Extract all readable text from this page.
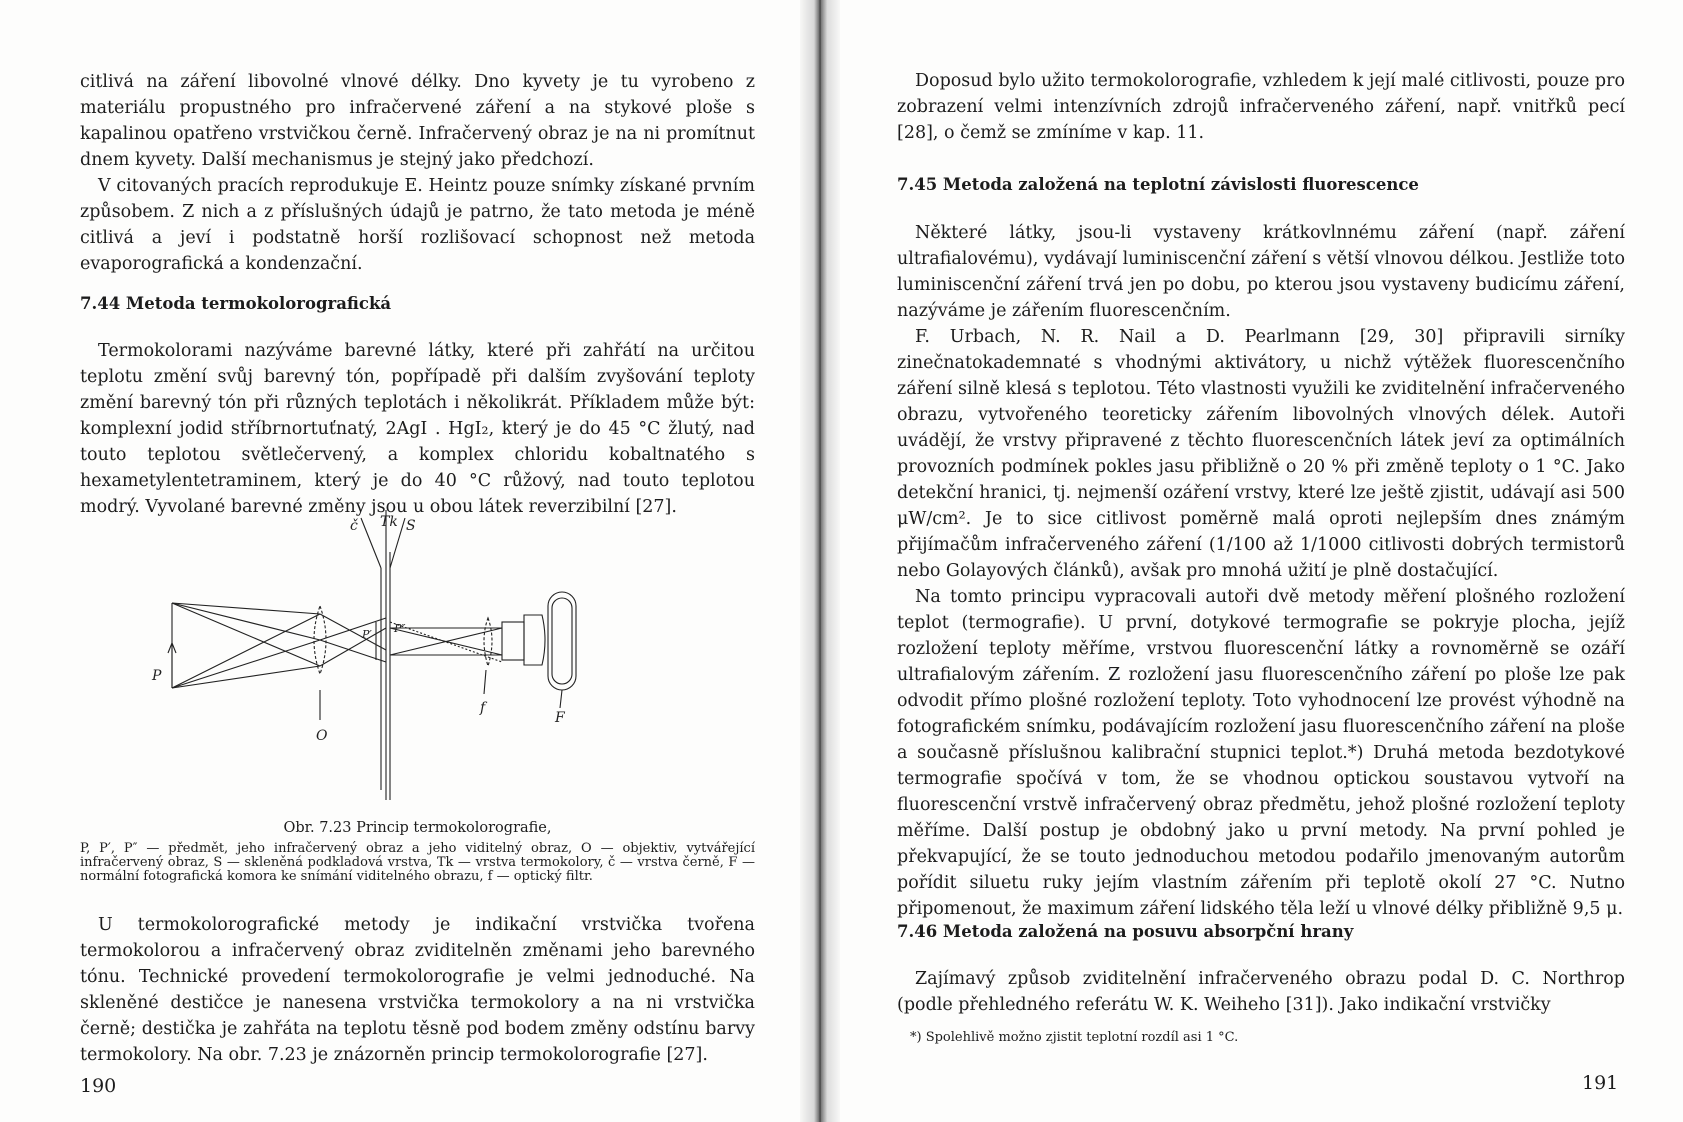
citlivá na záření libovolné vlnové délky. Dno kyvety je tu vyrobeno z materiálu propustného pro infračervené záření a na stykové ploše s kapalinou opatřeno vrstvičkou černě. Infračervený obraz je na ni promítnut dnem kyvety. Další mechanismus je stejný jako předchozí.

V citovaných pracích reprodukuje E. Heintz pouze snímky získané prvním způsobem. Z nich a z příslušných údajů je patrno, že tato metoda je méně citlivá a jeví i podstatně horší rozlišovací schopnost než metoda evaporografická a kondenzační.

7.44 Metoda termokolorografická

Termokolorami nazýváme barevné látky, které při zahřátí na určitou teplotu změní svůj barevný tón, popřípadě při dalším zvyšování teploty změní barevný tón při různých teplotách i několikrát. Příkladem může být: komplexní jodid stříbrnortuťnatý, 2AgI . HgI₂, který je do 45 °C žlutý, nad touto teplotou světlečervený, a komplex chloridu kobaltnatého s hexametylentetraminem, který je do 40 °C růžový, nad touto teplotou modrý. Vyvolané barevné změny jsou u obou látek reverzibilní [27].

č Tk S
P
P′ P″
O
f
F
Obr. 7.23 Princip termokolorografie,
P, P′, P″ — předmět, jeho infračervený obraz a jeho viditelný obraz, O — objektiv, vytvářející infračervený obraz, S — skleněná podkladová vrstva, Tk — vrstva termokolory, č — vrstva černě, F — normální fotografická komora ke snímání viditelného obrazu, f — optický filtr.

U termokolorografické metody je indikační vrstvička tvořena termokolorou a infračervený obraz zviditelněn změnami jeho barevného tónu. Technické provedení termokolorografie je velmi jednoduché. Na skleněné destičce je nanesena vrstvička termokolory a na ni vrstvička černě; destička je zahřáta na teplotu těsně pod bodem změny odstínu barvy termokolory. Na obr. 7.23 je znázorněn princip termokolorografie [27].

190

Doposud bylo užito termokolorografie, vzhledem k její malé citlivosti, pouze pro zobrazení velmi intenzívních zdrojů infračerveného záření, např. vnitřků pecí [28], o čemž se zmíníme v kap. 11.

7.45 Metoda založená na teplotní závislosti fluorescence

Některé látky, jsou-li vystaveny krátkovlnnému záření (např. záření ultrafialovému), vydávají luminiscenční záření s větší vlnovou délkou. Jestliže toto luminiscenční záření trvá jen po dobu, po kterou jsou vystaveny budicímu záření, nazýváme je zářením fluorescenčním.

F. Urbach, N. R. Nail a D. Pearlmann [29, 30] připravili sirníky zinečnatokademnaté s vhodnými aktivátory, u nichž výtěžek fluorescenčního záření silně klesá s teplotou. Této vlastnosti využili ke zviditelnění infračerveného obrazu, vytvořeného teoreticky zářením libovolných vlnových délek. Autoři uvádějí, že vrstvy připravené z těchto fluorescenčních látek jeví za optimálních provozních podmínek pokles jasu přibližně o 20 % při změně teploty o 1 °C. Jako detekční hranici, tj. nejmenší ozáření vrstvy, které lze ještě zjistit, udávají asi 500 μW/cm². Je to sice citlivost poměrně malá oproti nejlepším dnes známým přijímačům infračerveného záření (1/100 až 1/1000 citlivosti dobrých termistorů nebo Golayových článků), avšak pro mnohá užití je plně dostačující.

Na tomto principu vypracovali autoři dvě metody měření plošného rozložení teplot (termografie). U první, dotykové termografie se pokryje plocha, jejíž rozložení teploty měříme, vrstvou fluorescenční látky a rovnoměrně se ozáří ultrafialovým zářením. Z rozložení jasu fluorescenčního záření po ploše lze pak odvodit přímo plošné rozložení teploty. Toto vyhodnocení lze provést výhodně na fotografickém snímku, podávajícím rozložení jasu fluorescenčního záření na ploše a současně příslušnou kalibrační stupnici teplot.*) Druhá metoda bezdotykové termografie spočívá v tom, že se vhodnou optickou soustavou vytvoří na fluorescenční vrstvě infračervený obraz předmětu, jehož plošné rozložení teploty měříme. Další postup je obdobný jako u první metody. Na první pohled je překvapující, že se touto jednoduchou metodou podařilo jmenovaným autorům pořídit siluetu ruky jejím vlastním zářením při teplotě okolí 27 °C. Nutno připomenout, že maximum záření lidského těla leží u vlnové délky přibližně 9,5 μ.

7.46 Metoda založená na posuvu absorpční hrany

Zajímavý způsob zviditelnění infračerveného obrazu podal D. C. Northrop (podle přehledného referátu W. K. Weiheho [31]). Jako indikační vrstvičky

*) Spolehlivě možno zjistit teplotní rozdíl asi 1 °C.
191
